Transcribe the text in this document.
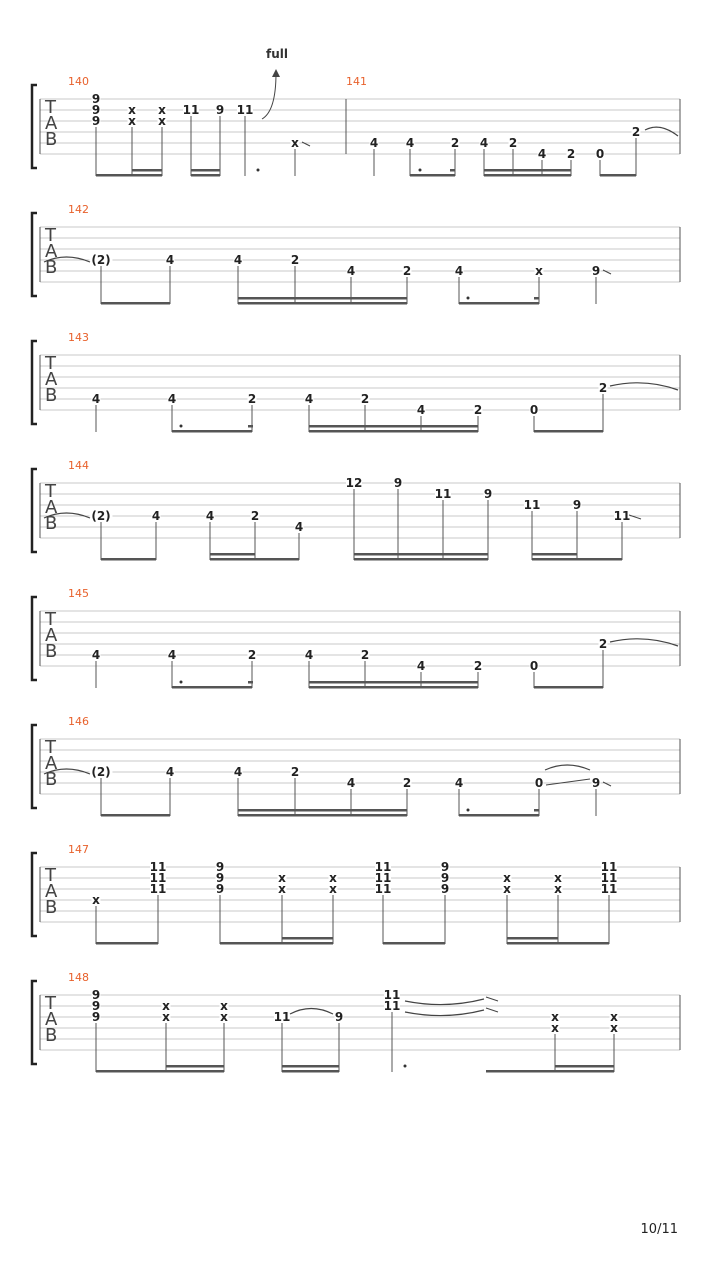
T
A
B
140	141
9
9
9
x
x
x
x
11 9 11
x	4 4	2 4 2
4 2 0
2
T
A
B
142
(2)	4	4	2
4	2	4	x	9
T
A
B
143
4	4	2	4	2
4	2	0
2
T
A
B
144
(2)	4	4	2
4
12	9
11	9
11	9
11
T
A
B
145
4	4	2	4	2
4	2	0
2
T
A
B
146
(2)	4	4	2
4	2	4	0	9
T
A
B
147
x
11
11
11
9
9
9
x
x
x
x
11
11
11
9
9
9
x
x
x
x
11
11
11
T
A
B
148
9
9
9
x
x
x
x	11	9
11
11
x
x
x
x
full
10/11
